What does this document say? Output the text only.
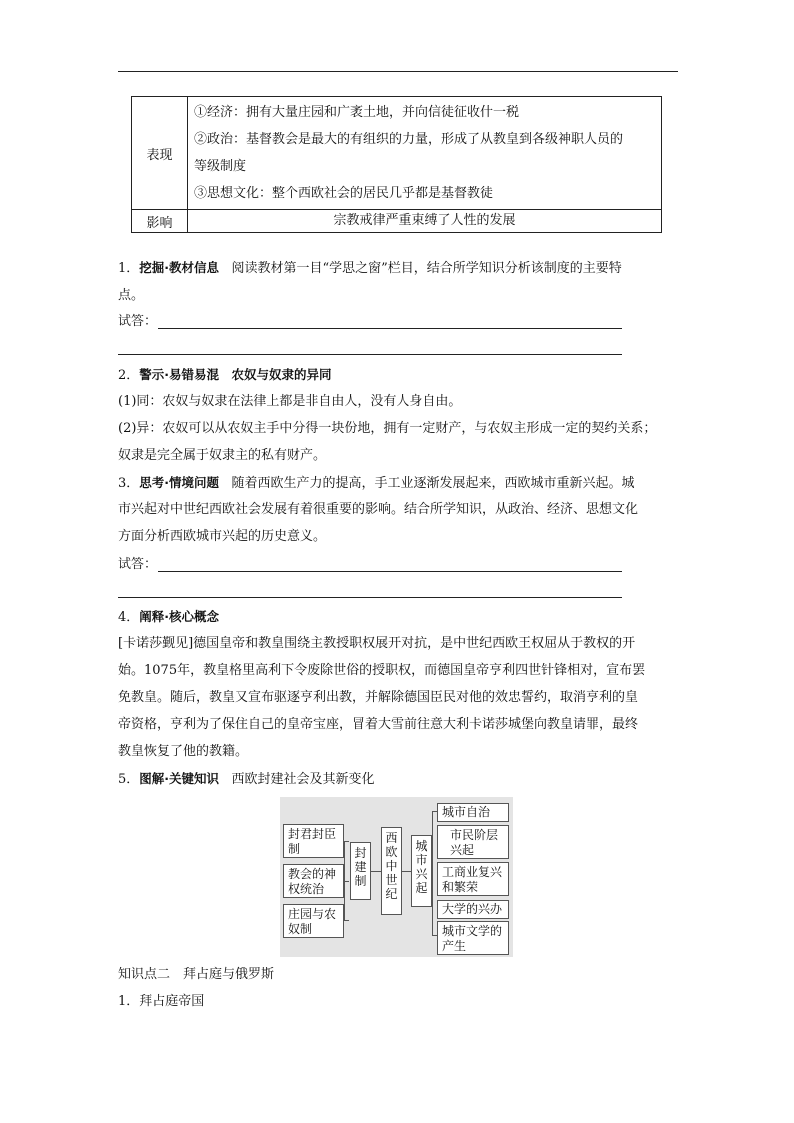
表现	①经济：拥有大量庄园和广袤土地，并向信徒征收什一税
②政治：基督教会是最大的有组织的力量，形成了从教皇到各级神职人员的
等级制度
③思想文化：整个西欧社会的居民几乎都是基督教徒

影响	宗教戒律严重束缚了人性的发展
1．挖掘·教材信息 阅读教材第一目“学思之窗”栏目，结合所学知识分析该制度的主要特
点。
试答：
2．警示·易错易混 农奴与奴隶的异同
(1)同：农奴与奴隶在法律上都是非自由人，没有人身自由。
(2)异：农奴可以从农奴主手中分得一块份地，拥有一定财产，与农奴主形成一定的契约关系；
奴隶是完全属于奴隶主的私有财产。
3．思考·情境问题 随着西欧生产力的提高，手工业逐渐发展起来，西欧城市重新兴起。城
市兴起对中世纪西欧社会发展有着很重要的影响。结合所学知识，从政治、经济、思想文化
方面分析西欧城市兴起的历史意义。
试答：
4．阐释·核心概念
[卡诺莎觐见]德国皇帝和教皇围绕主教授职权展开对抗，是中世纪西欧王权屈从于教权的开
始。1075年，教皇格里高利下令废除世俗的授职权，而德国皇帝亨利四世针锋相对，宣布罢
免教皇。随后，教皇又宣布驱逐亨利出教，并解除德国臣民对他的效忠誓约，取消亨利的皇
帝资格，亨利为了保住自己的皇帝宝座，冒着大雪前往意大利卡诺莎城堡向教皇请罪，最终
教皇恢复了他的教籍。
5．图解·关键知识 西欧封建社会及其新变化
封君封臣制
教会的神权统治
庄园与农奴制
封建制
西欧中世纪
城市兴起
城市自治
市民阶层兴起
工商业复兴和繁荣
大学的兴办
城市文学的产生
知识点二　拜占庭与俄罗斯
1．拜占庭帝国
